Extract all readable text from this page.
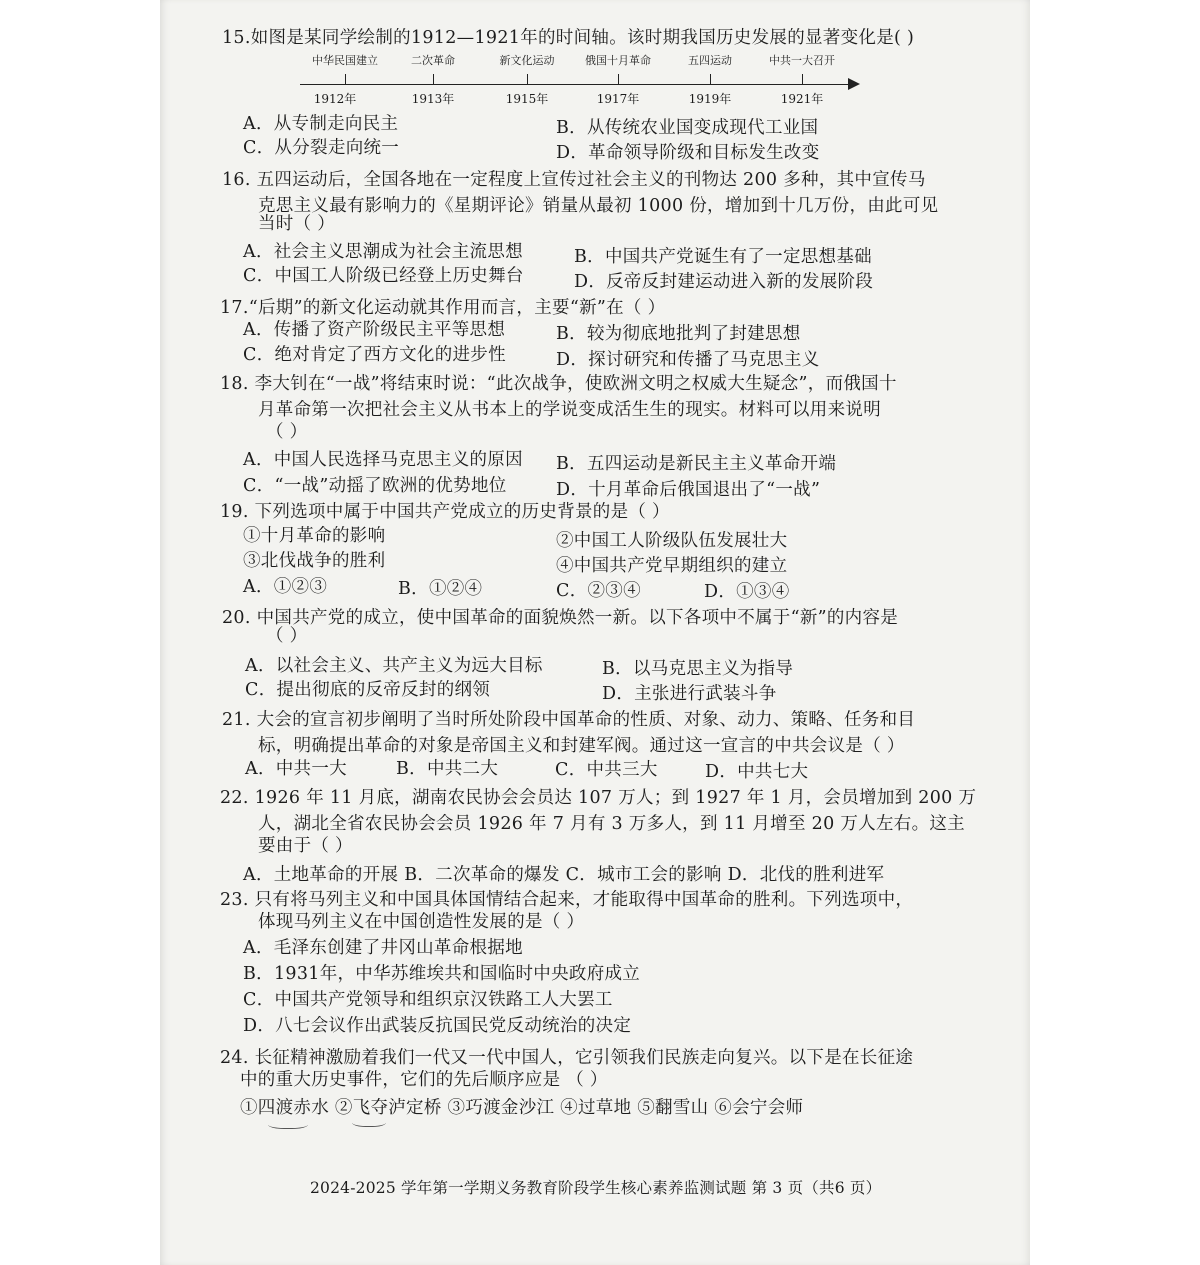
15.如图是某同学绘制的1912—1921年的时间轴。该时期我国历史发展的显著变化是( )
中华民国建立	二次革命	新文化运动	俄国十月革命	五四运动	中共一大召开
1912年	1913年	1915年	1917年	1919年	1921年
A．从专制走向民主	B．从传统农业国变成现代工业国
C．从分裂走向统一	D．革命领导阶级和目标发生改变
16. 五四运动后，全国各地在一定程度上宣传过社会主义的刊物达 200 多种，其中宣传马
克思主义最有影响力的《星期评论》销量从最初 1000 份，增加到十几万份，由此可见
当时（ ）
A．社会主义思潮成为社会主流思想	B．中国共产党诞生有了一定思想基础
C．中国工人阶级已经登上历史舞台	D．反帝反封建运动进入新的发展阶段
17.“后期”的新文化运动就其作用而言，主要“新”在（ ）
A．传播了资产阶级民主平等思想	B．较为彻底地批判了封建思想
C．绝对肯定了西方文化的进步性	D．探讨研究和传播了马克思主义
18. 李大钊在“一战”将结束时说：“此次战争，使欧洲文明之权威大生疑念”，而俄国十
月革命第一次把社会主义从书本上的学说变成活生生的现实。材料可以用来说明
（ ）
A．中国人民选择马克思主义的原因 B．五四运动是新民主主义革命开端
C．“一战”动摇了欧洲的优势地位	D．十月革命后俄国退出了“一战”
19. 下列选项中属于中国共产党成立的历史背景的是（ ）
①十月革命的影响	②中国工人阶级队伍发展壮大
③北伐战争的胜利	④中国共产党早期组织的建立
A．①②③	B．①②④	C．②③④	D．①③④
20. 中国共产党的成立，使中国革命的面貌焕然一新。以下各项中不属于“新”的内容是
（ ）
A．以社会主义、共产主义为远大目标	B．以马克思主义为指导
C．提出彻底的反帝反封的纲领	D．主张进行武装斗争
21. 大会的宣言初步阐明了当时所处阶段中国革命的性质、对象、动力、策略、任务和目
标，明确提出革命的对象是帝国主义和封建军阀。通过这一宣言的中共会议是（ ）
A．中共一大	B．中共二大	C．中共三大	D．中共七大
22. 1926 年 11 月底，湖南农民协会会员达 107 万人；到 1927 年 1 月，会员增加到 200 万
人，湖北全省农民协会会员 1926 年 7 月有 3 万多人，到 11 月增至 20 万人左右。这主
要由于（ ）
A．土地革命的开展 B．二次革命的爆发 C．城市工会的影响 D．北伐的胜利进军
23. 只有将马列主义和中国具体国情结合起来，才能取得中国革命的胜利。下列选项中，
体现马列主义在中国创造性发展的是（ ）
A．毛泽东创建了井冈山革命根据地
B．1931年，中华苏维埃共和国临时中央政府成立
C．中国共产党领导和组织京汉铁路工人大罢工
D．八七会议作出武装反抗国民党反动统治的决定
24. 长征精神激励着我们一代又一代中国人，它引领我们民族走向复兴。以下是在长征途
中的重大历史事件，它们的先后顺序应是 （ ）
①四渡赤水 ②飞夺泸定桥 ③巧渡金沙江 ④过草地 ⑤翻雪山 ⑥会宁会师
2024-2025 学年第一学期义务教育阶段学生核心素养监测试题 第 3 页（共6 页）
